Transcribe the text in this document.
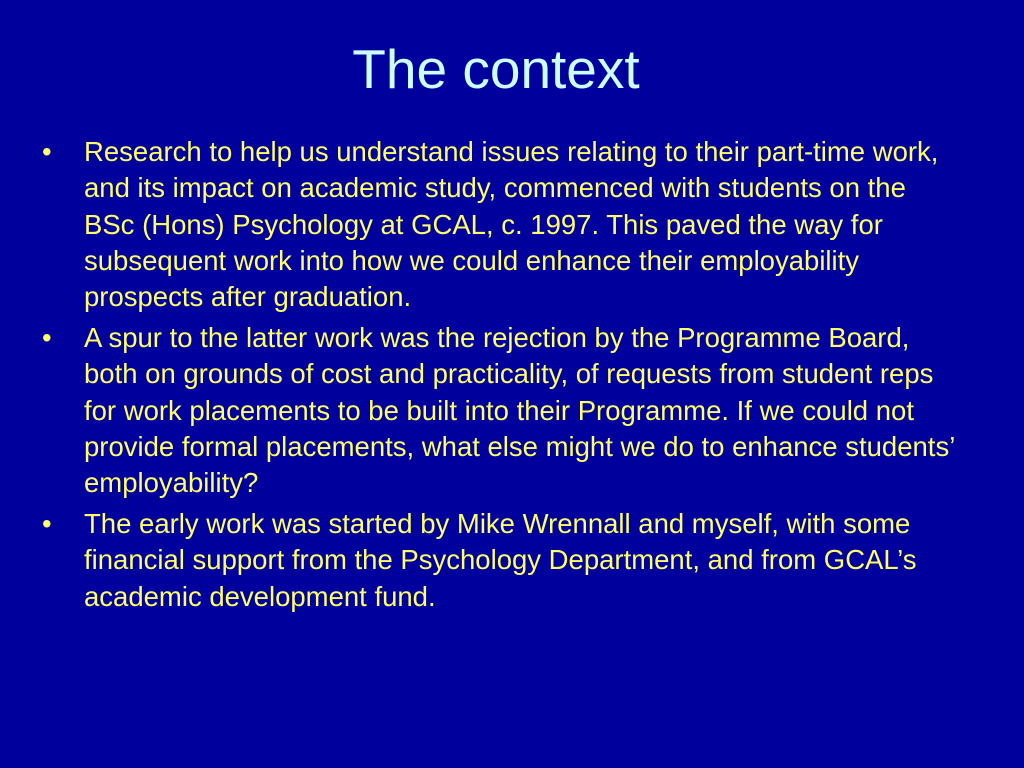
The context
•	Research to help us understand issues relating to their part-time work, and its impact on academic study, commenced with students on the BSc (Hons) Psychology at GCAL, c. 1997. This paved the way for subsequent work into how we could enhance their employability prospects after graduation.
•	A spur to the latter work was the rejection by the Programme Board, both on grounds of cost and practicality, of requests from student reps for work placements to be built into their Programme. If we could not provide formal placements, what else might we do to enhance students’ employability?
•	The early work was started by Mike Wrennall and myself, with some financial support from the Psychology Department, and from GCAL’s academic development fund.
